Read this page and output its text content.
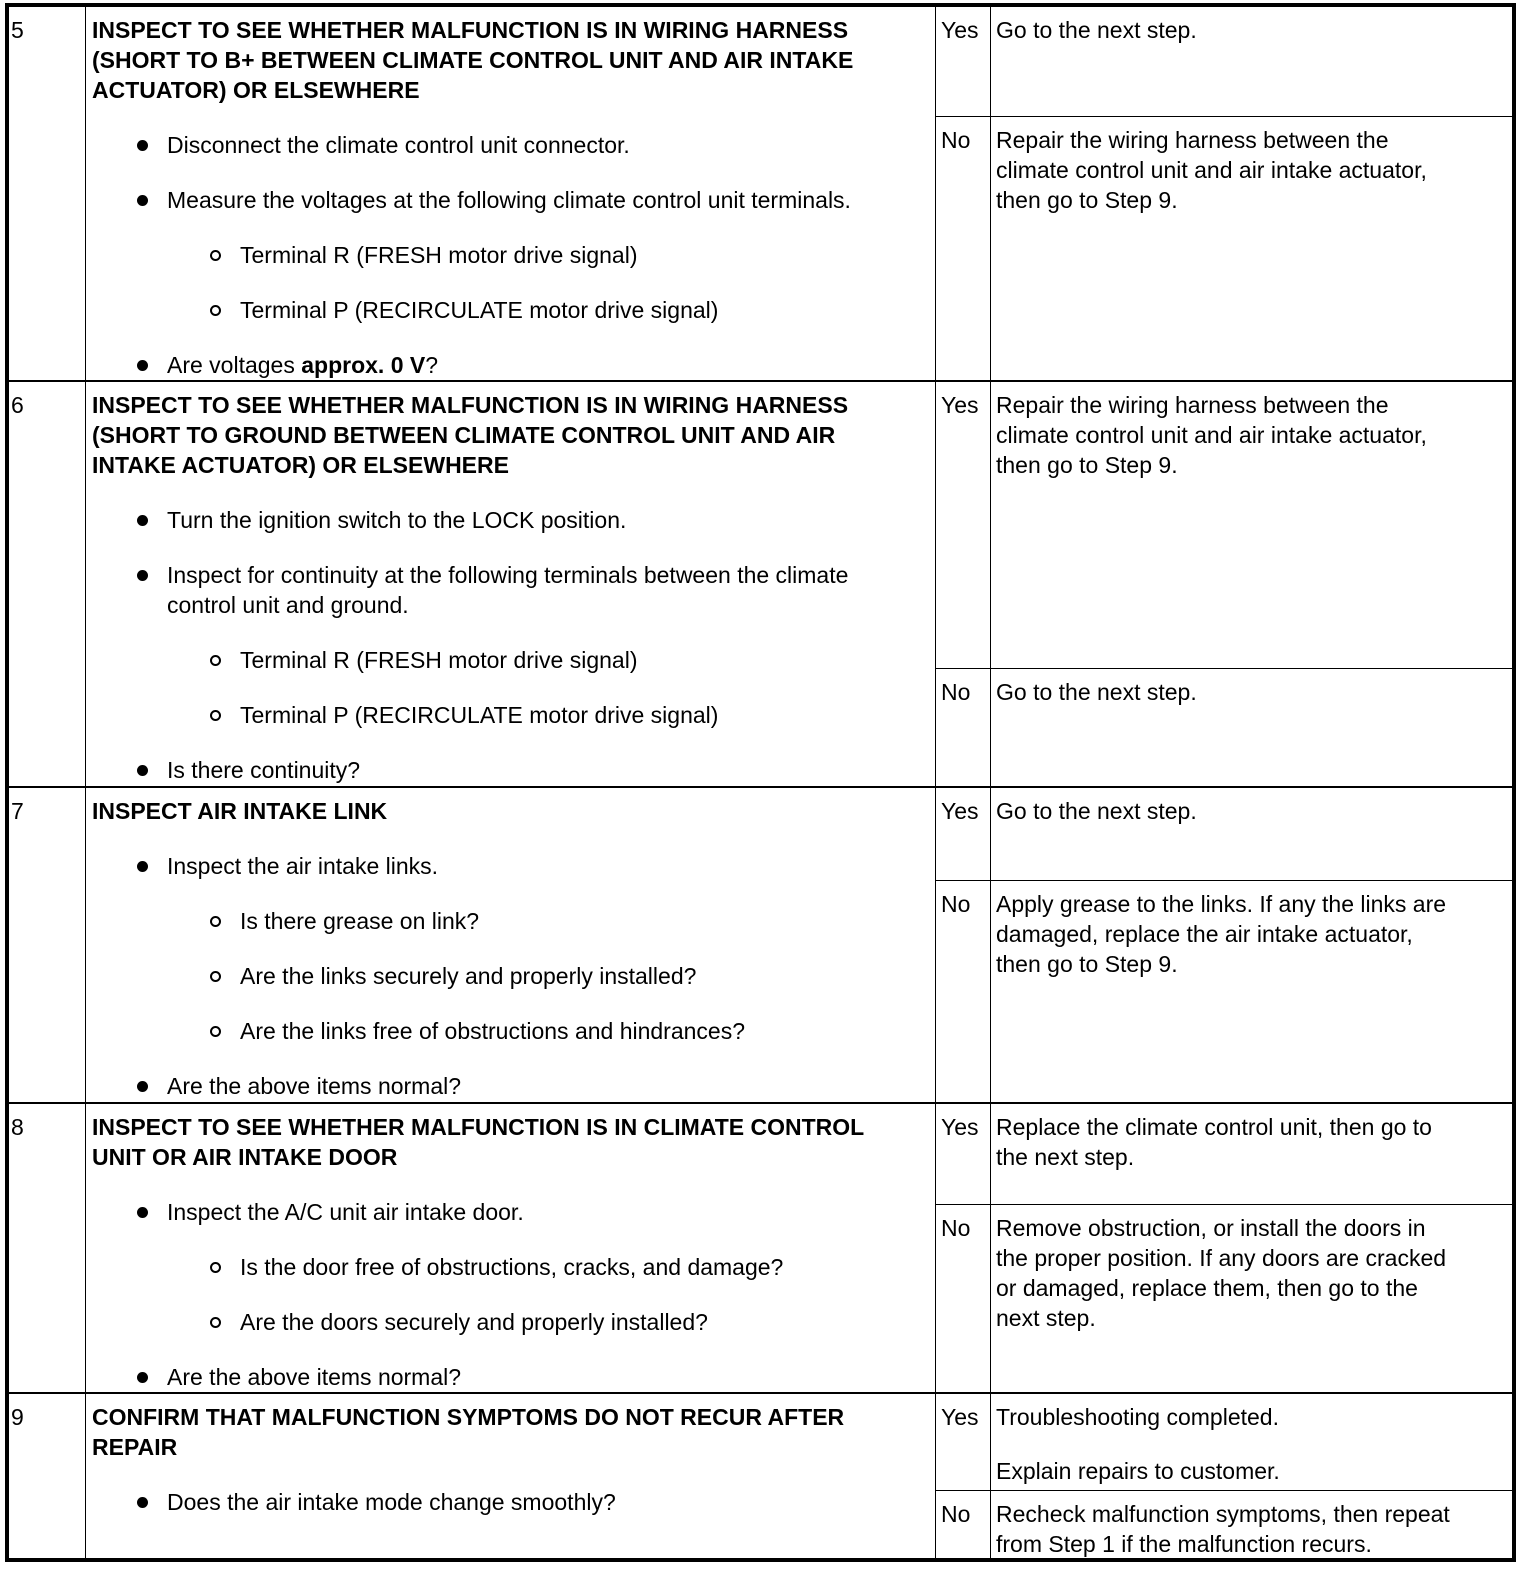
5	INSPECT TO SEE WHETHER MALFUNCTION IS IN WIRING HARNESS
(SHORT TO B+ BETWEEN CLIMATE CONTROL UNIT AND AIR INTAKE
ACTUATOR) OR ELSEWHERE
Disconnect the climate control unit connector.
Measure the voltages at the following climate control unit terminals.
Terminal R (FRESH motor drive signal)
Terminal P (RECIRCULATE motor drive signal)
Are voltages approx. 0 V?
Yes Go to the next step.
No Repair the wiring harness between the
climate control unit and air intake actuator,
then go to Step 9.
6	INSPECT TO SEE WHETHER MALFUNCTION IS IN WIRING HARNESS
(SHORT TO GROUND BETWEEN CLIMATE CONTROL UNIT AND AIR
INTAKE ACTUATOR) OR ELSEWHERE
Turn the ignition switch to the LOCK position.
Inspect for continuity at the following terminals between the climate
control unit and ground.
Terminal R (FRESH motor drive signal)
Terminal P (RECIRCULATE motor drive signal)
Is there continuity?
Yes Repair the wiring harness between the
climate control unit and air intake actuator,
then go to Step 9.
No Go to the next step.
7	INSPECT AIR INTAKE LINK
Inspect the air intake links.
Is there grease on link?
Are the links securely and properly installed?
Are the links free of obstructions and hindrances?
Are the above items normal?
Yes Go to the next step.
No Apply grease to the links. If any the links are
damaged, replace the air intake actuator,
then go to Step 9.
8	INSPECT TO SEE WHETHER MALFUNCTION IS IN CLIMATE CONTROL
UNIT OR AIR INTAKE DOOR
Inspect the A/C unit air intake door.
Is the door free of obstructions, cracks, and damage?
Are the doors securely and properly installed?
Are the above items normal?
Yes Replace the climate control unit, then go to
the next step.
No Remove obstruction, or install the doors in
the proper position. If any doors are cracked
or damaged, replace them, then go to the
next step.
9	CONFIRM THAT MALFUNCTION SYMPTOMS DO NOT RECUR AFTER
REPAIR
Does the air intake mode change smoothly?
Yes Troubleshooting completed.
Explain repairs to customer.
No Recheck malfunction symptoms, then repeat
from Step 1 if the malfunction recurs.
